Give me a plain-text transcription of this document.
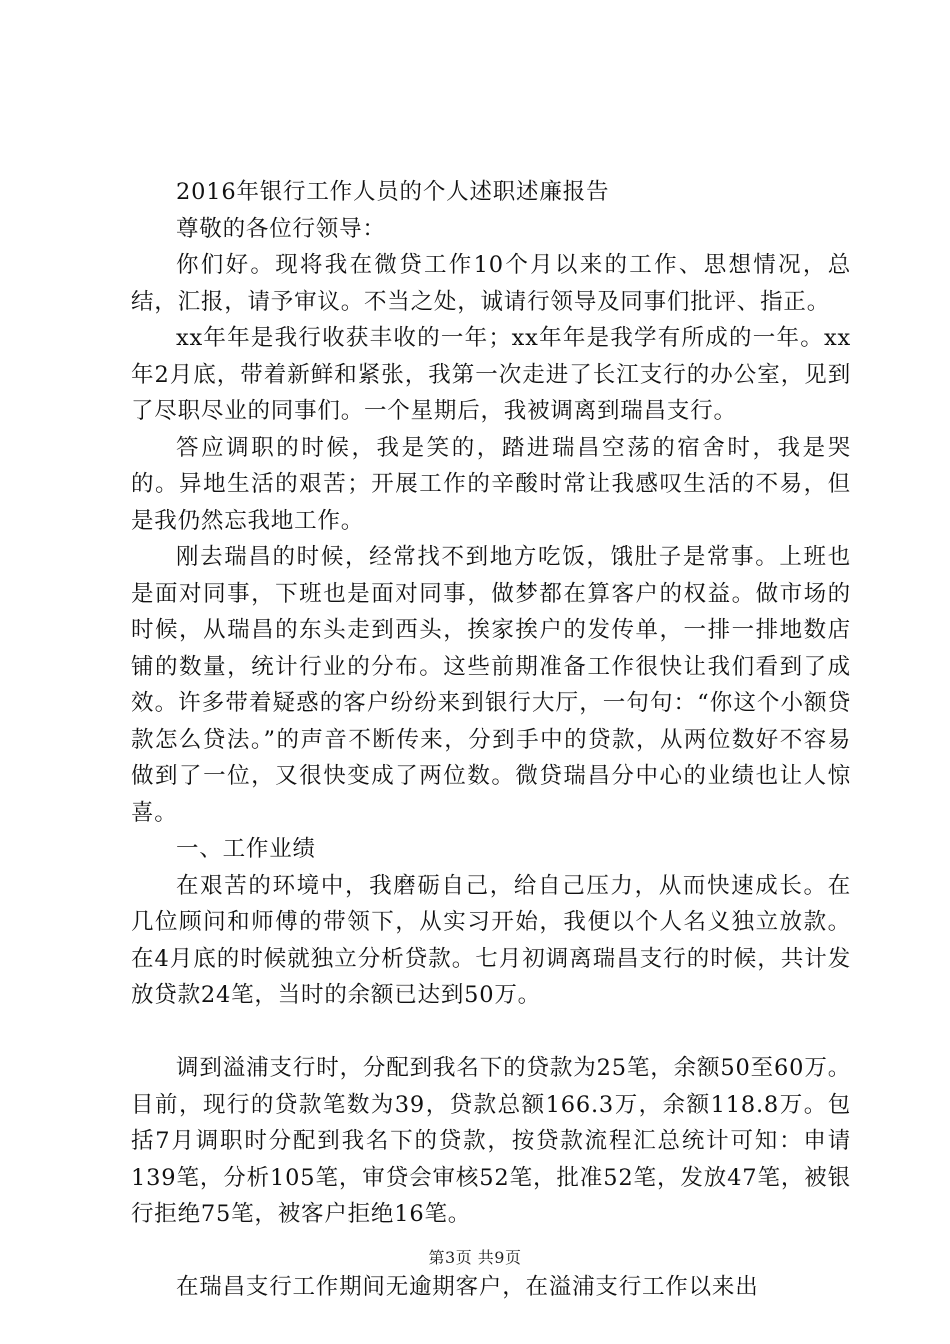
2016年银行工作人员的个人述职述廉报告

尊敬的各位行领导：

你们好。现将我在微贷工作10个月以来的工作、思想情况，总结，汇报，请予审议。不当之处，诚请行领导及同事们批评、指正。

xx年年是我行收获丰收的一年；xx年年是我学有所成的一年。xx年2月底，带着新鲜和紧张，我第一次走进了长江支行的办公室，见到了尽职尽业的同事们。一个星期后，我被调离到瑞昌支行。

答应调职的时候，我是笑的，踏进瑞昌空荡的宿舍时，我是哭的。异地生活的艰苦；开展工作的辛酸时常让我感叹生活的不易，但是我仍然忘我地工作。

刚去瑞昌的时候，经常找不到地方吃饭，饿肚子是常事。上班也是面对同事，下班也是面对同事，做梦都在算客户的权益。做市场的时候，从瑞昌的东头走到西头，挨家挨户的发传单，一排一排地数店铺的数量，统计行业的分布。这些前期准备工作很快让我们看到了成效。许多带着疑惑的客户纷纷来到银行大厅，一句句：“你这个小额贷款怎么贷法。”的声音不断传来，分到手中的贷款，从两位数好不容易做到了一位，又很快变成了两位数。微贷瑞昌分中心的业绩也让人惊喜。

一、工作业绩

在艰苦的环境中，我磨砺自己，给自己压力，从而快速成长。在几位顾问和师傅的带领下，从实习开始，我便以个人名义独立放款。在4月底的时候就独立分析贷款。七月初调离瑞昌支行的时候，共计发放贷款24笔，当时的余额已达到50万。

调到溢浦支行时，分配到我名下的贷款为25笔，余额50至60万。目前，现行的贷款笔数为39，贷款总额166.3万，余额118.8万。包括7月调职时分配到我名下的贷款，按贷款流程汇总统计可知：申请139笔，分析105笔，审贷会审核52笔，批准52笔，发放47笔，被银行拒绝75笔，被客户拒绝16笔。

在瑞昌支行工作期间无逾期客户，在溢浦支行工作以来出

第3页 共9页
